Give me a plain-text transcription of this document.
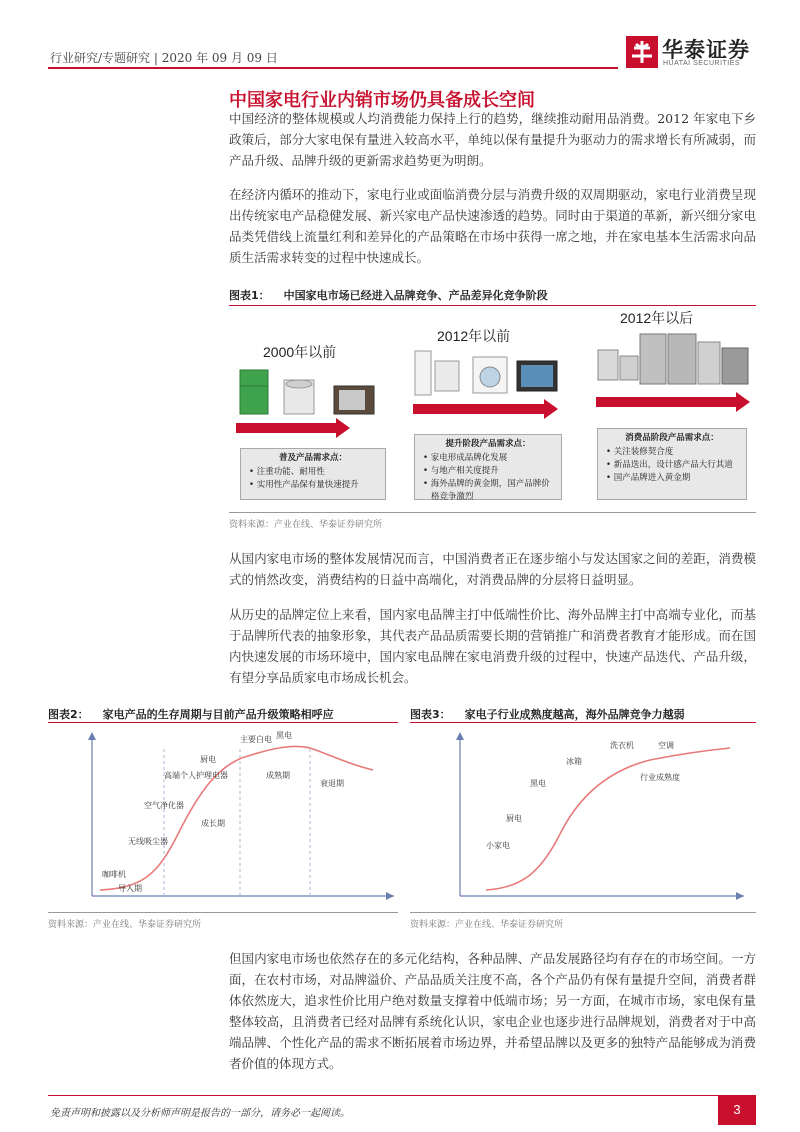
行业研究/专题研究 | 2020 年 09 月 09 日	华泰证券
HUATAI SECURITIES
中国家电行业内销市场仍具备成长空间
中国经济的整体规模或人均消费能力保持上行的趋势，继续推动耐用品消费。2012 年家电下乡政策后，部分大家电保有量进入较高水平，单纯以保有量提升为驱动力的需求增长有所减弱，而产品升级、品牌升级的更新需求趋势更为明朗。
在经济内循环的推动下，家电行业或面临消费分层与消费升级的双周期驱动，家电行业消费呈现出传统家电产品稳健发展、新兴家电产品快速渗透的趋势。同时由于渠道的革新，新兴细分家电品类凭借线上流量红利和差异化的产品策略在市场中获得一席之地，并在家电基本生活需求向品质生活需求转变的过程中快速成长。
图表1： 中国家电市场已经进入品牌竞争、产品差异化竞争阶段
2000年以前
普及产品需求点：
• 注重功能、耐用性
• 实用性产品保有量快速提升
2012年以前
提升阶段产品需求点：
• 家电形成品牌化发展
• 与地产相关度提升
• 海外品牌的黄金期，国产品牌价格竞争激烈
2012年以后
消费品阶段产品需求点：
• 关注装修契合度
• 新品迭出，设计感产品大行其道
• 国产品牌进入黄金期
资料来源：产业在线、华泰证券研究所
从国内家电市场的整体发展情况而言，中国消费者正在逐步缩小与发达国家之间的差距，消费模式的悄然改变，消费结构的日益中高端化，对消费品牌的分层将日益明显。
从历史的品牌定位上来看，国内家电品牌主打中低端性价比、海外品牌主打中高端专业化，而基于品牌所代表的抽象形象，其代表产品品质需要长期的营销推广和消费者教育才能形成。而在国内快速发展的市场环境中，国内家电品牌在家电消费升级的过程中，快速产品迭代、产品升级，有望分享品质家电市场成长机会。
图表2： 家电产品的生存周期与目前产品升级策略相呼应
导入期
成长期
成熟期
衰退期
咖啡机
无线吸尘器
空气净化器
高端个人护理电器
厨电
主要白电 黑电
资料来源：产业在线、华泰证券研究所
图表3： 家电子行业成熟度越高，海外品牌竞争力越弱
小家电
厨电
黑电
冰箱
洗衣机	空调
行业成熟度
资料来源：产业在线、华泰证券研究所
但国内家电市场也依然存在的多元化结构，各种品牌、产品发展路径均有存在的市场空间。一方面，在农村市场，对品牌溢价、产品品质关注度不高，各个产品仍有保有量提升空间，消费者群体依然庞大，追求性价比用户绝对数量支撑着中低端市场；另一方面，在城市市场，家电保有量整体较高，且消费者已经对品牌有系统化认识，家电企业也逐步进行品牌规划，消费者对于中高端品牌、个性化产品的需求不断拓展着市场边界，并希望品牌以及更多的独特产品能够成为消费者价值的体现方式。
免责声明和披露以及分析师声明是报告的一部分，请务必一起阅读。	3
